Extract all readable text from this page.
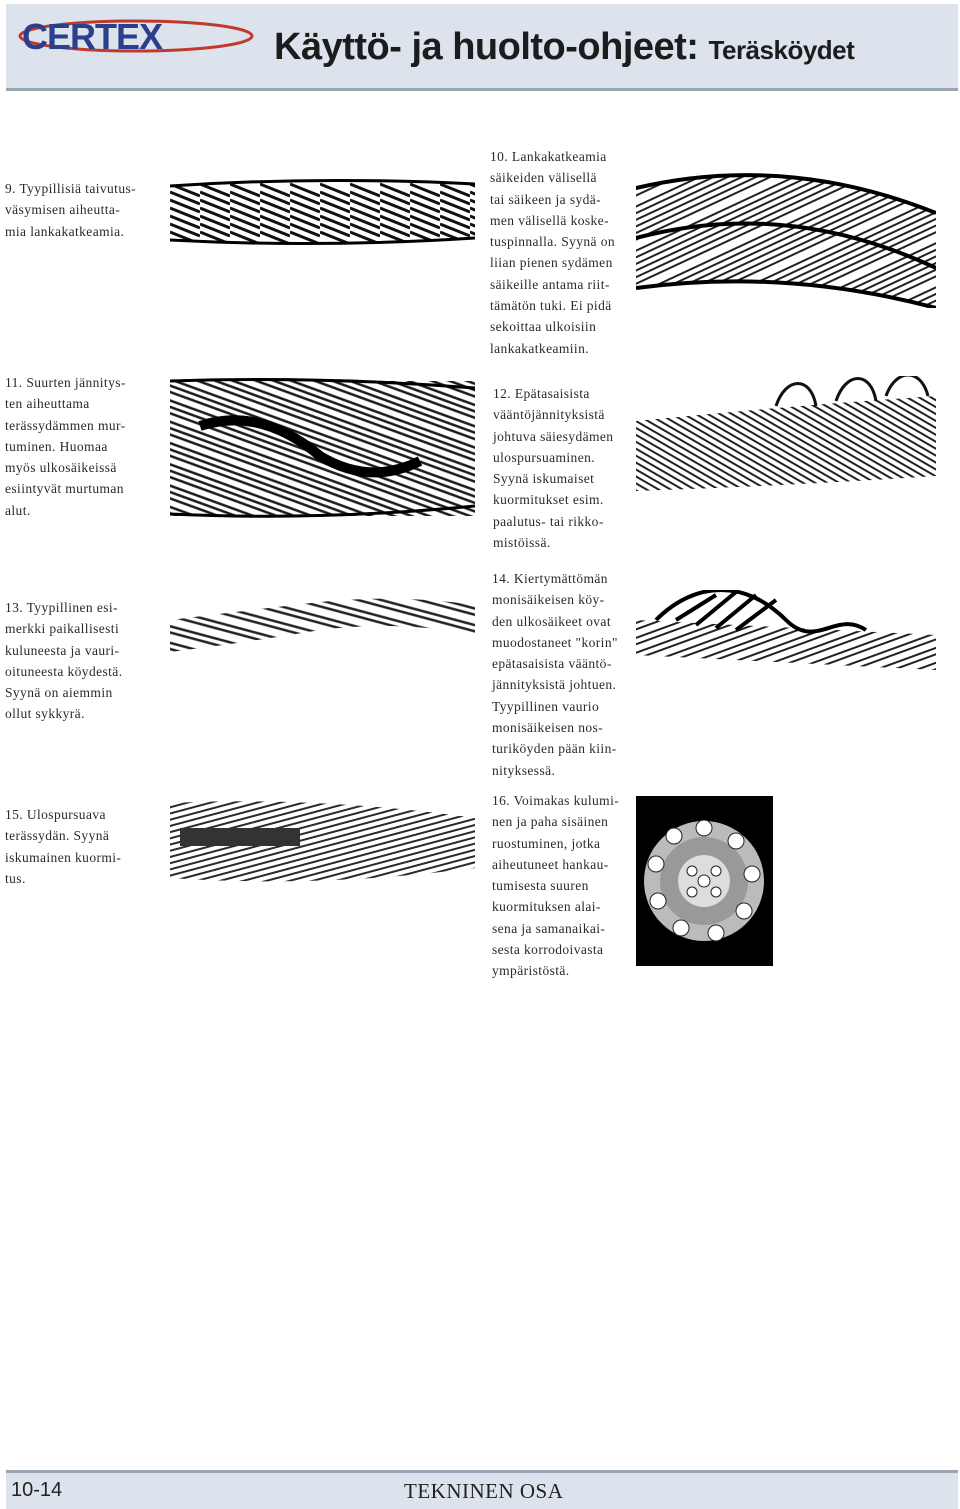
CERTEX	Käyttö- ja huolto-ohjeet: Teräsköydet
9. Tyypillisiä taivutus-
väsymisen aiheutta-
mia lankakatkeamia.
10. Lankakatkeamia
säikeiden välisellä
tai säikeen ja sydä-
men välisellä koske-
tuspinnalla. Syynä on
liian pienen sydämen
säikeille antama riit-
tämätön tuki. Ei pidä
sekoittaa ulkoisiin
lankakatkeamiin.
11. Suurten jännitys-
ten aiheuttama
terässydämmen mur-
tuminen. Huomaa
myös ulkosäikeissä
esiintyvät murtuman
alut.
12. Epätasaisista
vääntöjännityksistä
johtuva säiesydämen
ulospursuaminen.
Syynä iskumaiset
kuormitukset esim.
paalutus- tai rikko-
mistöissä.
13. Tyypillinen esi-
merkki paikallisesti
kuluneesta ja vauri-
oituneesta köydestä.
Syynä on aiemmin
ollut sykkyrä.
14. Kiertymättömän
monisäikeisen köy-
den ulkosäikeet ovat
muodostaneet "korin"
epätasaisista vääntö-
jännityksistä johtuen.
Tyypillinen vaurio
monisäikeisen nos-
turiköyden pään kiin-
nityksessä.
15. Ulospursuava
terässydän. Syynä
iskumainen kuormi-
tus.
16. Voimakas kulumi-
nen ja paha sisäinen
ruostuminen, jotka
aiheutuneet hankau-
tumisesta suuren
kuormituksen alai-
sena ja samanaikai-
sesta korrodoivasta
ympäristöstä.
10-14	TEKNINEN OSA
